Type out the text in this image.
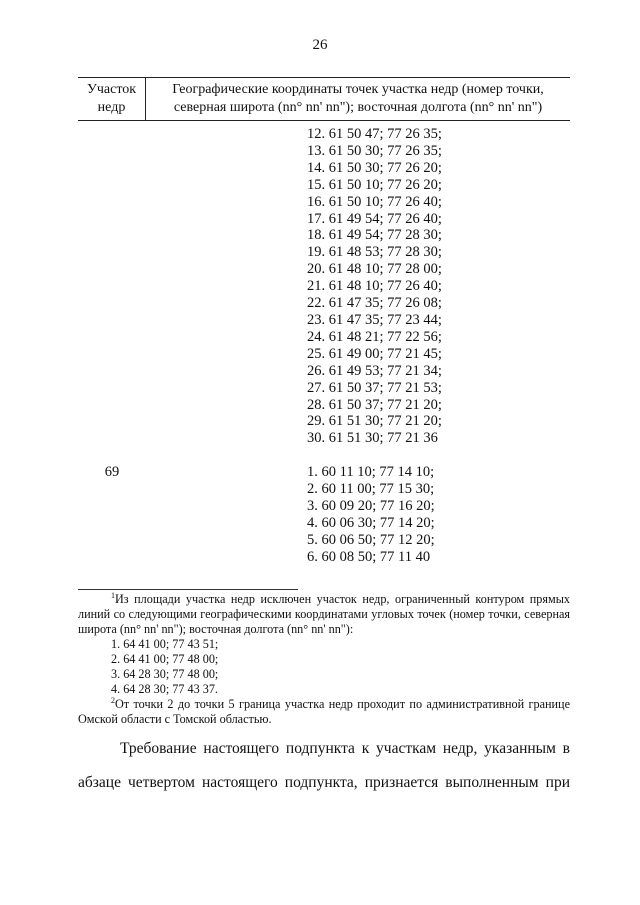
26
Участок недр
Географические координаты точек участка недр (номер точки, северная широта (nn° nn' nn"); восточная долгота (nn° nn' nn")
12. 61 50 47; 77 26 35;
13. 61 50 30; 77 26 35;
14. 61 50 30; 77 26 20;
15. 61 50 10; 77 26 20;
16. 61 50 10; 77 26 40;
17. 61 49 54; 77 26 40;
18. 61 49 54; 77 28 30;
19. 61 48 53; 77 28 30;
20. 61 48 10; 77 28 00;
21. 61 48 10; 77 26 40;
22. 61 47 35; 77 26 08;
23. 61 47 35; 77 23 44;
24. 61 48 21; 77 22 56;
25. 61 49 00; 77 21 45;
26. 61 49 53; 77 21 34;
27. 61 50 37; 77 21 53;
28. 61 50 37; 77 21 20;
29. 61 51 30; 77 21 20;
30. 61 51 30; 77 21 36
69	1. 60 11 10; 77 14 10;
2. 60 11 00; 77 15 30;
3. 60 09 20; 77 16 20;
4. 60 06 30; 77 14 20;
5. 60 06 50; 77 12 20;
6. 60 08 50; 77 11 40

$^1$Из площади участка недр исключен участок недр, ограниченный контуром прямых линий со следующими географическими координатами угловых точек (номер точки, северная широта (nn° nn' nn"); восточная долгота (nn° nn' nn"):

1. 64 41 00; 77 43 51;
2. 64 41 00; 77 48 00;
3. 64 28 30; 77 48 00;
4. 64 28 30; 77 43 37.

$^2$От точки 2 до точки 5 граница участка недр проходит по административной границе Омской области с Томской областью.

Требование настоящего подпункта к участкам недр, указанным в

абзаце четвертом настоящего подпункта, признается выполненным при
